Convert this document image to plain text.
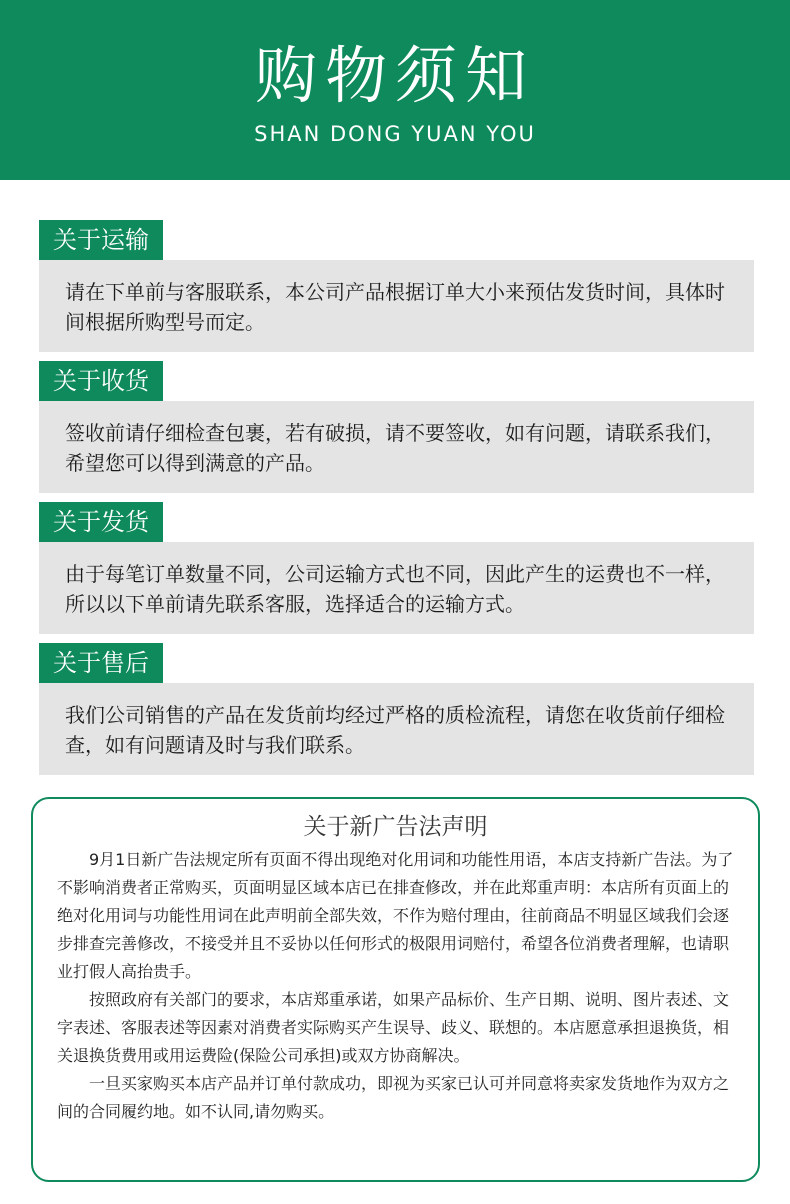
购物须知
SHAN DONG YUAN YOU
关于运输
请在下单前与客服联系，本公司产品根据订单大小来预估发货时间，具体时间根据所购型号而定。
关于收货
签收前请仔细检查包裹，若有破损，请不要签收，如有问题，请联系我们，希望您可以得到满意的产品。
关于发货
由于每笔订单数量不同，公司运输方式也不同，因此产生的运费也不一样，所以以下单前请先联系客服，选择适合的运输方式。
关于售后
我们公司销售的产品在发货前均经过严格的质检流程，请您在收货前仔细检查，如有问题请及时与我们联系。
关于新广告法声明

9月1日新广告法规定所有页面不得出现绝对化用词和功能性用语，本店支持新广告法。为了不影响消费者正常购买，页面明显区域本店已在排查修改，并在此郑重声明：本店所有页面上的绝对化用词与功能性用词在此声明前全部失效，不作为赔付理由，往前商品不明显区域我们会逐步排查完善修改，不接受并且不妥协以任何形式的极限用词赔付，希望各位消费者理解，也请职业打假人高抬贵手。

按照政府有关部门的要求，本店郑重承诺，如果产品标价、生产日期、说明、图片表述、文字表述、客服表述等因素对消费者实际购买产生误导、歧义、联想的。本店愿意承担退换货，相关退换货费用或用运费险(保险公司承担)或双方协商解决。

一旦买家购买本店产品并订单付款成功，即视为买家已认可并同意将卖家发货地作为双方之间的合同履约地。如不认同,请勿购买。
